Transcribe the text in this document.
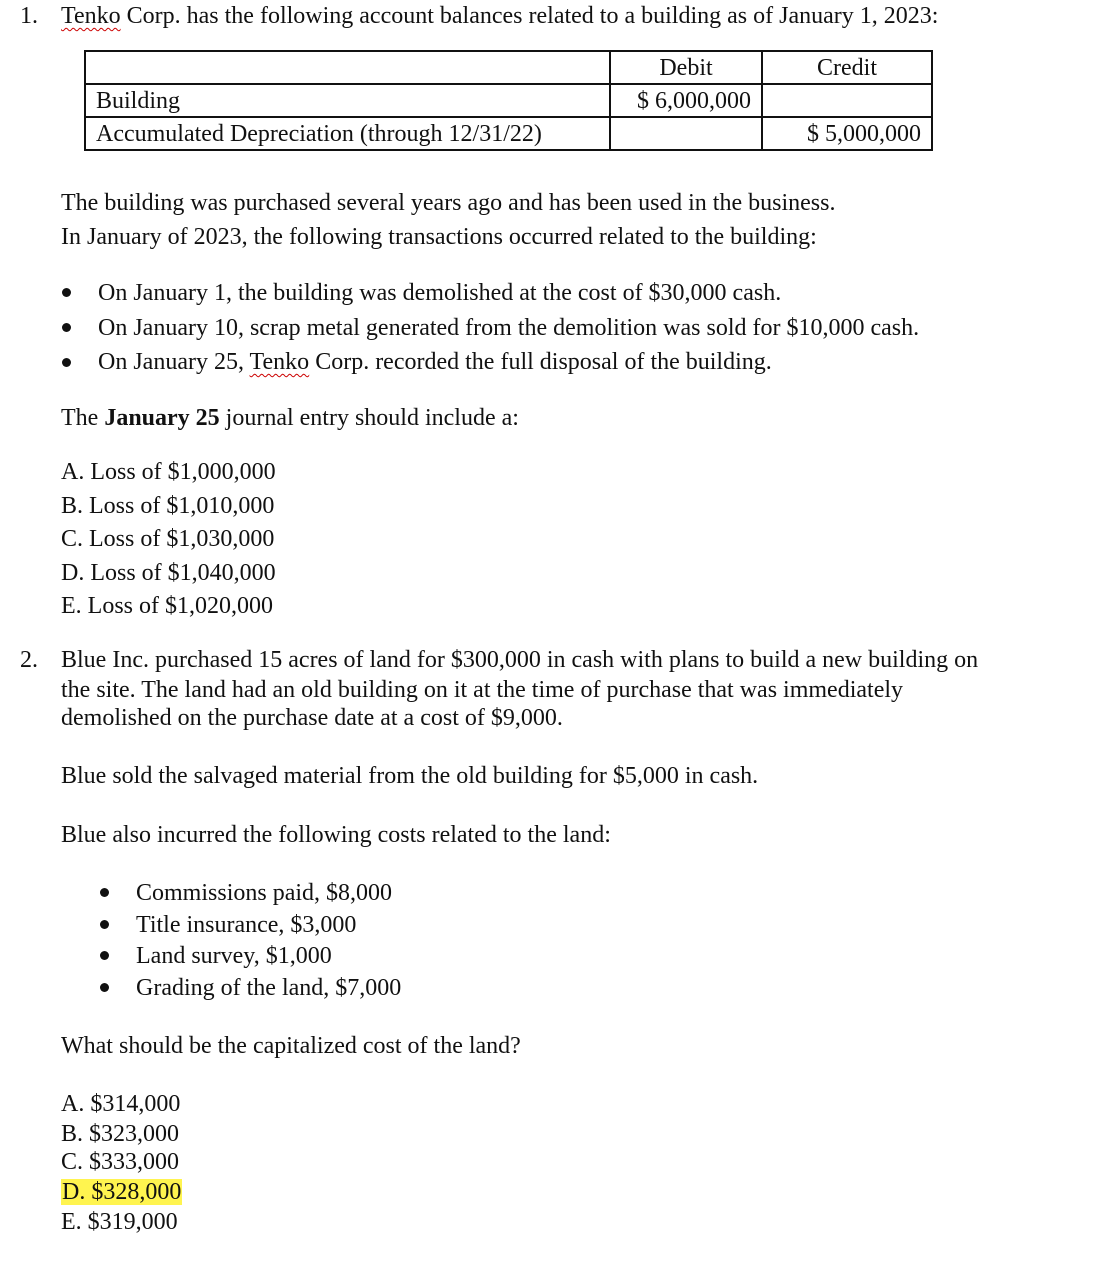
1. Tenko Corp. has the following account balances related to a building as of January 1, 2023:
	Debit	Credit
Building	$ 6,000,000	
Accumulated Depreciation (through 12/31/22)		$ 5,000,000
The building was purchased several years ago and has been used in the business.
In January of 2023, the following transactions occurred related to the building:
On January 1, the building was demolished at the cost of $30,000 cash.
On January 10, scrap metal generated from the demolition was sold for $10,000 cash.
On January 25, Tenko Corp. recorded the full disposal of the building.
The January 25 journal entry should include a:
A. Loss of $1,000,000
B. Loss of $1,010,000
C. Loss of $1,030,000
D. Loss of $1,040,000
E. Loss of $1,020,000
2. Blue Inc. purchased 15 acres of land for $300,000 in cash with plans to build a new building on
the site. The land had an old building on it at the time of purchase that was immediately
demolished on the purchase date at a cost of $9,000.
Blue sold the salvaged material from the old building for $5,000 in cash.
Blue also incurred the following costs related to the land:
Commissions paid, $8,000
Title insurance, $3,000
Land survey, $1,000
Grading of the land, $7,000
What should be the capitalized cost of the land?
A. $314,000
B. $323,000
C. $333,000
D. $328,000
E. $319,000
